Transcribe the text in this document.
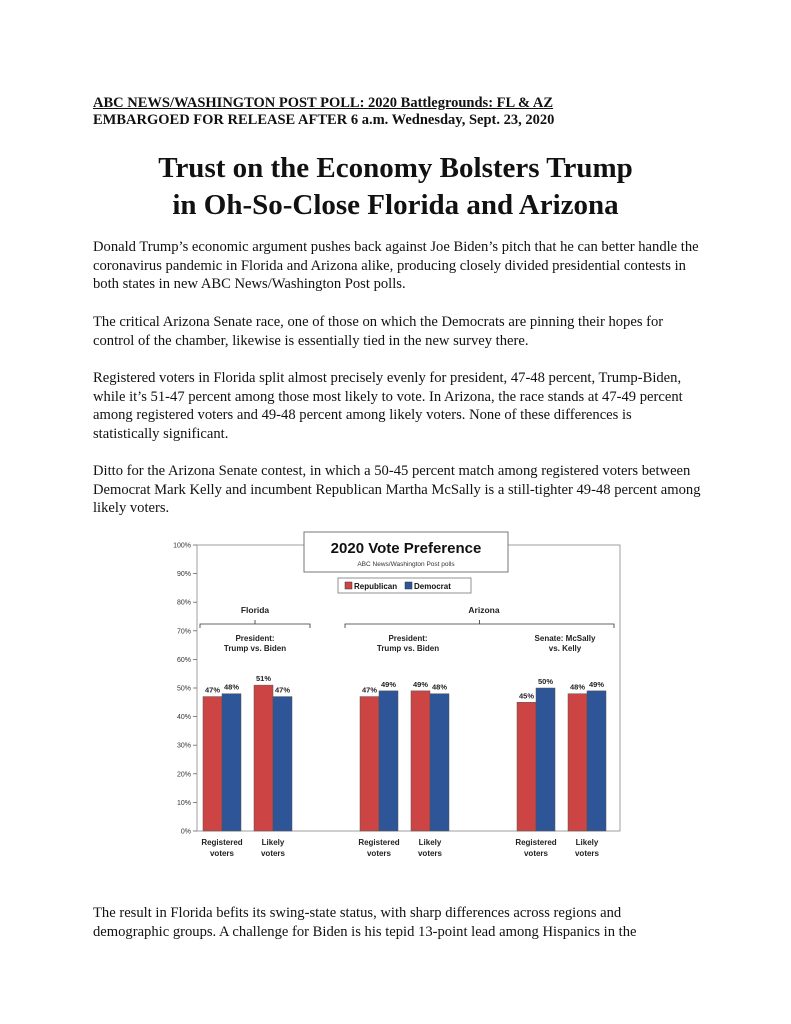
ABC NEWS/WASHINGTON POST POLL: 2020 Battlegrounds: FL & AZ
EMBARGOED FOR RELEASE AFTER 6 a.m. Wednesday, Sept. 23, 2020
Trust on the Economy Bolsters Trump
in Oh-So-Close Florida and Arizona

Donald Trump’s economic argument pushes back against Joe Biden’s pitch that he can better handle the coronavirus pandemic in Florida and Arizona alike, producing closely divided presidential contests in both states in new ABC News/Washington Post polls.

The critical Arizona Senate race, one of those on which the Democrats are pinning their hopes for control of the chamber, likewise is essentially tied in the new survey there.

Registered voters in Florida split almost precisely evenly for president, 47-48 percent, Trump-Biden, while it’s 51-47 percent among those most likely to vote. In Arizona, the race stands at 47-49 percent among registered voters and 49-48 percent among likely voters. None of these differences is statistically significant.

Ditto for the Arizona Senate contest, in which a 50-45 percent match among registered voters between Democrat Mark Kelly and incumbent Republican Martha McSally is a still-tighter 49-48 percent among likely voters.

0%
10%
20%
30%
40%
50%
60%
70%
80%
90%
100%	2020 Vote Preference
ABC News/Washington Post polls
Republican Democrat
Florida	Arizona
President:
Trump vs. Biden
President:
Trump vs. Biden
Senate: McSally
vs. Kelly
47% 48%
Registered
voters
51%
47%
Likely
voters
47%
49%
Registered
voters
49% 48%
Likely
voters
45%
50%
Registered
voters
48% 49%
Likely
voters

The result in Florida befits its swing-state status, with sharp differences across regions and demographic groups. A challenge for Biden is his tepid 13-point lead among Hispanics in the
